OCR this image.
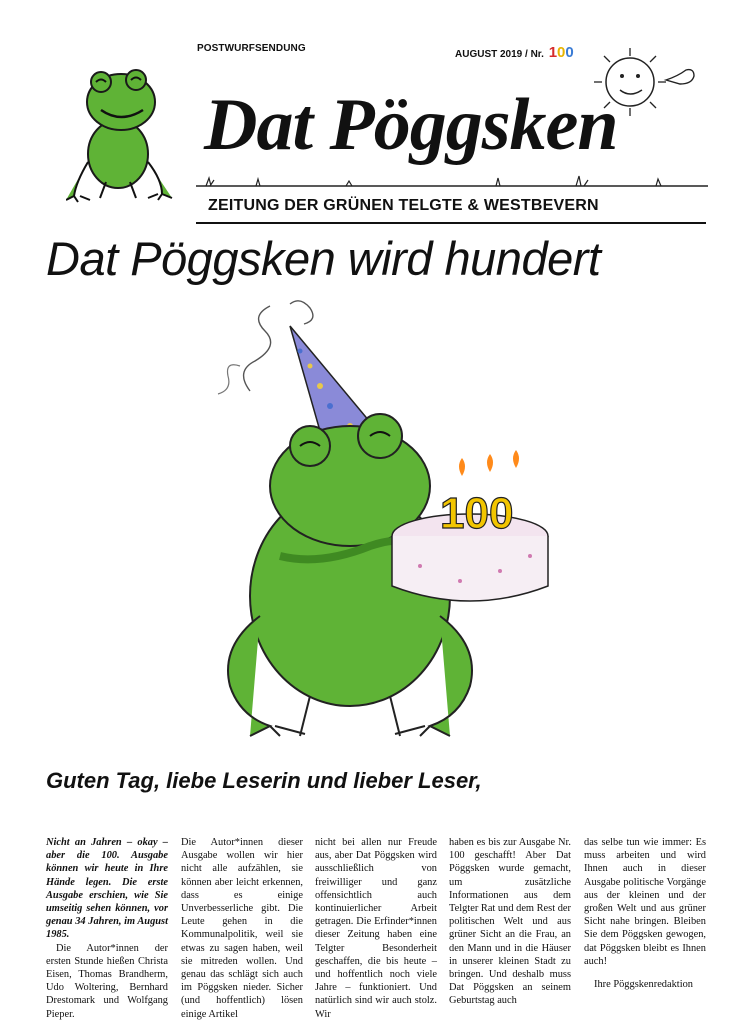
POSTWURFSENDUNG
AUGUST 2019 / Nr. 100
Dat Pöggsken
ZEITUNG DER GRÜNEN TELGTE & WESTBEVERN
Dat Pöggsken wird hundert
100
Guten Tag, liebe Leserin und lieber Leser,

Nicht an Jahren – okay – aber die 100. Ausgabe können wir heute in Ihre Hände legen. Die erste Ausgabe erschien, wie Sie umseitig sehen können, vor genau 34 Jahren, im August 1985.

Die Autor*innen der ersten Stunde hießen Christa Eisen, Thomas Brandherm, Udo Woltering, Bernhard Drestomark und Wolfgang Pieper.

Die Autor*innen dieser Ausgabe wollen wir hier nicht alle aufzählen, sie können aber leicht erkennen, dass es einige Unverbesserliche gibt. Die Leute gehen in die Kommunalpolitik, weil sie etwas zu sagen haben, weil sie mitreden wollen. Und genau das schlägt sich auch im Pöggsken nieder. Sicher (und hoffentlich) lösen einige Artikel

nicht bei allen nur Freude aus, aber Dat Pöggsken wird ausschließlich von freiwilliger und ganz offensichtlich auch kontinuierlicher Arbeit getragen. Die Erfinder*innen dieser Zeitung haben eine Telgter Besonderheit geschaffen, die bis heute – und hoffentlich noch viele Jahre – funktioniert. Und natürlich sind wir auch stolz. Wir

haben es bis zur Ausgabe Nr. 100 geschafft! Aber Dat Pöggsken wurde gemacht, um zusätzliche Informationen aus dem Telgter Rat und dem Rest der politischen Welt und aus grüner Sicht an die Frau, an den Mann und in die Häuser in unserer kleinen Stadt zu bringen. Und deshalb muss Dat Pöggsken an seinem Geburtstag auch

das selbe tun wie immer: Es muss arbeiten und wird Ihnen auch in dieser Ausgabe politische Vorgänge aus der kleinen und der großen Welt und aus grüner Sicht nahe bringen. Bleiben Sie dem Pöggsken gewogen, dat Pöggsken bleibt es Ihnen auch!

Ihre Pöggskenredaktion
